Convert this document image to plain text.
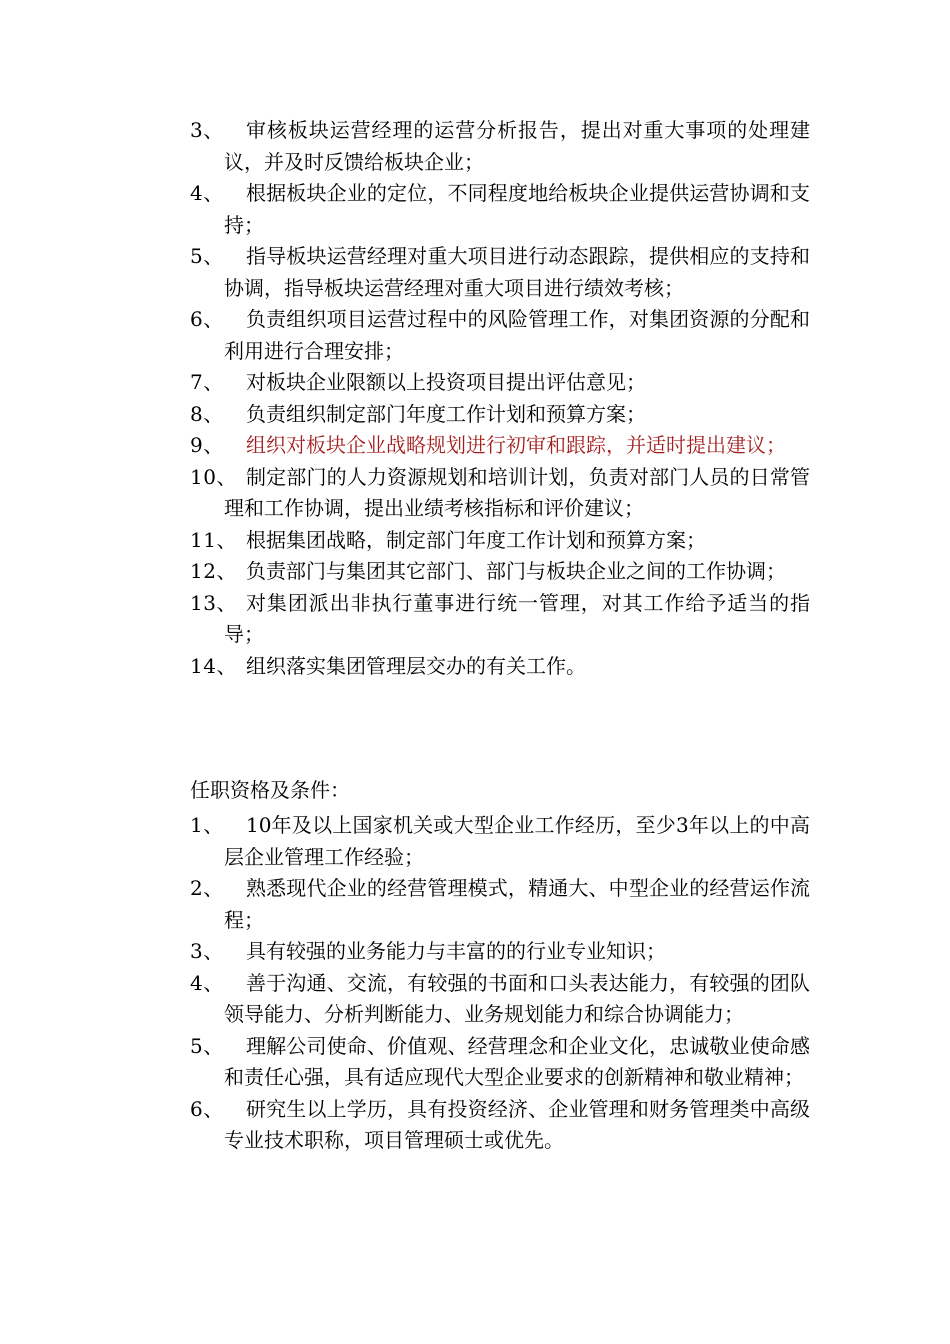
3、	审核板块运营经理的运营分析报告，提出对重大事项的处理建议，并及时反馈给板块企业；
4、	根据板块企业的定位，不同程度地给板块企业提供运营协调和支持；
5、	指导板块运营经理对重大项目进行动态跟踪，提供相应的支持和协调，指导板块运营经理对重大项目进行绩效考核；
6、	负责组织项目运营过程中的风险管理工作，对集团资源的分配和利用进行合理安排；
7、	对板块企业限额以上投资项目提出评估意见；
8、	负责组织制定部门年度工作计划和预算方案；
9、	组织对板块企业战略规划进行初审和跟踪，并适时提出建议；
10、 制定部门的人力资源规划和培训计划，负责对部门人员的日常管理和工作协调，提出业绩考核指标和评价建议；
11、 根据集团战略，制定部门年度工作计划和预算方案；
12、 负责部门与集团其它部门、部门与板块企业之间的工作协调；
13、 对集团派出非执行董事进行统一管理，对其工作给予适当的指导；
14、 组织落实集团管理层交办的有关工作。
任职资格及条件：
1、	10年及以上国家机关或大型企业工作经历，至少3年以上的中高层企业管理工作经验；
2、	熟悉现代企业的经营管理模式，精通大、中型企业的经营运作流程；
3、	具有较强的业务能力与丰富的的行业专业知识；
4、	善于沟通、交流，有较强的书面和口头表达能力，有较强的团队领导能力、分析判断能力、业务规划能力和综合协调能力；
5、	理解公司使命、价值观、经营理念和企业文化，忠诚敬业使命感和责任心强，具有适应现代大型企业要求的创新精神和敬业精神；
6、	研究生以上学历，具有投资经济、企业管理和财务管理类中高级专业技术职称，项目管理硕士或优先。
